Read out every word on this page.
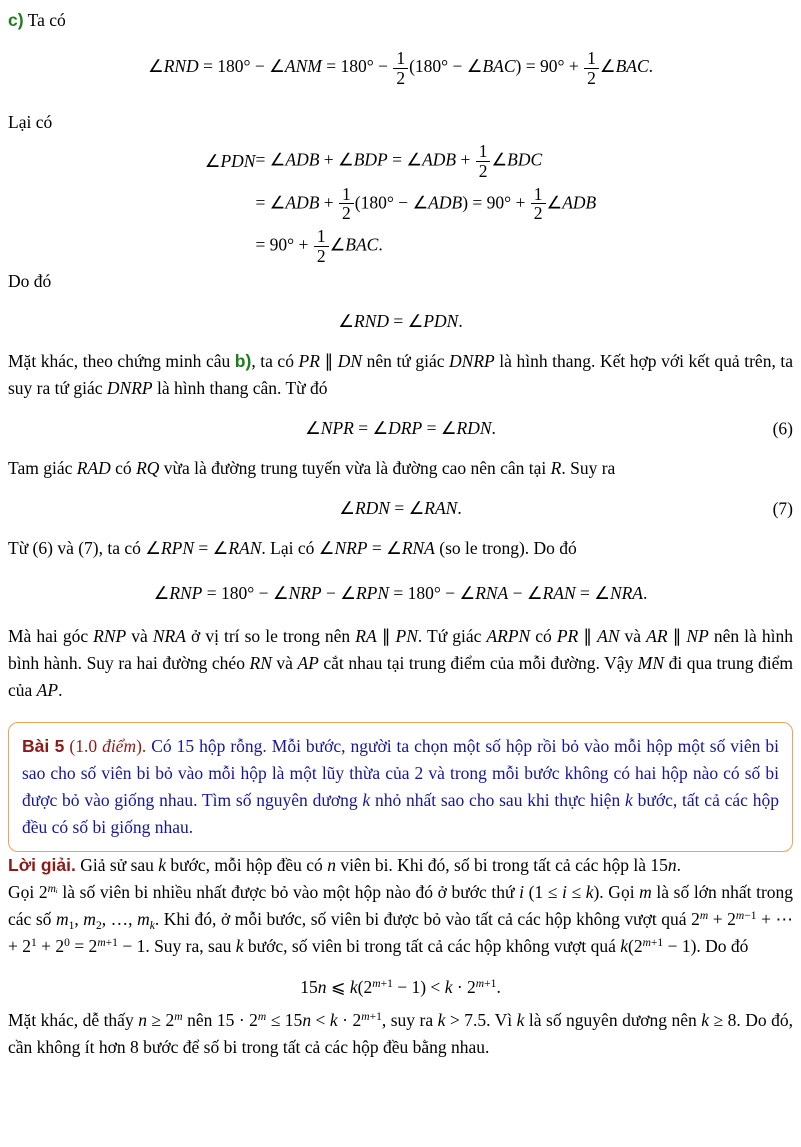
c) Ta có

∠RND = 180° − ∠ANM = $180^\circ - \frac{1}{2} (180^\circ$ − ∠BAC) = $90^\circ + \frac{1}{2}$ ∠BAC.

Lại có

∠PDN	= ∠ADB + ∠BDP = ∠ADB + $\frac{1}{2}$ ∠BDC
	= ∠ADB + $\frac{1}{2} (180^\circ$ − ∠ADB) = $90^\circ + \frac{1}{2}$ ∠ADB
	= $90^\circ + \frac{1}{2}$ ∠BAC.

Do đó

∠RND = ∠PDN.

Mặt khác, theo chứng minh câu b), ta có PR ∥ DN nên tứ giác DNRP là hình thang. Kết hợp với kết quả trên, ta suy ra tứ giác DNRP là hình thang cân. Từ đó

∠NPR = ∠DRP = ∠RDN.	(6)

Tam giác RAD có RQ vừa là đường trung tuyến vừa là đường cao nên cân tại R. Suy ra

∠RDN = ∠RAN.	(7)

Từ (6) và (7), ta có ∠RPN = ∠RAN. Lại có ∠NRP = ∠RNA (so le trong). Do đó

∠RNP = 180° − ∠NRP − ∠RPN = 180° − ∠RNA − ∠RAN = ∠NRA.

Mà hai góc RNP và NRA ở vị trí so le trong nên RA ∥ PN. Tứ giác ARPN có PR ∥ AN và AR ∥ NP nên là hình bình hành. Suy ra hai đường chéo RN và AP cắt nhau tại trung điểm của mỗi đường. Vậy MN đi qua trung điểm của AP.

Bài 5 (1.0 điểm). Có 15 hộp rỗng. Mỗi bước, người ta chọn một số hộp rồi bỏ vào mỗi hộp một số viên bi sao cho số viên bi bỏ vào mỗi hộp là một lũy thừa của 2 và trong mỗi bước không có hai hộp nào có số bi được bỏ vào giống nhau. Tìm số nguyên dương k nhỏ nhất sao cho sau khi thực hiện k bước, tất cả các hộp đều có số bi giống nhau.

Lời giải. Giả sử sau k bước, mỗi hộp đều có n viên bi. Khi đó, số bi trong tất cả các hộp là 15n.

Gọi $2^{mᵢ}$ là số viên bi nhiều nhất được bỏ vào một hộp nào đó ở bước thứ i (1 ≤ i ≤ k). Gọi m là số lớn nhất trong các số $m_1$, $m_2$, …, $m_k$. Khi đó, ở mỗi bước, số viên bi được bỏ vào tất cả các hộp không vượt quá $2^m + 2^{m-1}$ + ⋯ + $2^1 + 2^0 = 2^{m+1} - 1$. Suy ra, sau k bước, số viên bi trong tất cả các hộp không vượt quá $k(2^{m+1} - 1)$. Do đó

15n ⩽ $k(2^{m+1} - 1) < k \cdot 2^{m+1}$.

Mặt khác, dễ thấy $n \ge 2^m$ nên $15 \cdot 2^m \le 15n < k \cdot 2^{m+1}$, suy ra k > 7.5. Vì k là số nguyên dương nên k ≥ 8. Do đó, cần không ít hơn 8 bước để số bi trong tất cả các hộp đều bằng nhau.
